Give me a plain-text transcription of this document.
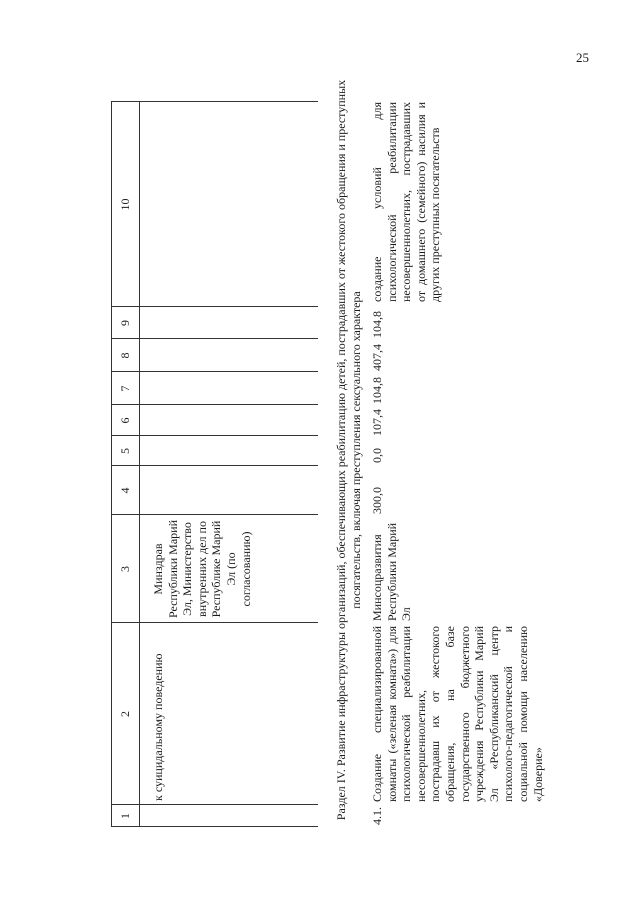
25
1
2
3
4
5
6
7
8
9
10
к суицидальному поведению
Минздрав Республики Марий Эл, Министерство внутренних дел по Республике Марий Эл (по согласованию)	Раздел IV. Развитие инфраструктуры организаций, обеспечивающих реабилитацию детей, пострадавших от жестокого обращения и преступных посягательств, включая преступления сексуального характера
4.1.
Создание специализированной комнаты («зеленая комната») для психологической реабилитации несовершеннолетних, пострадавш их от жестокого обращения, на базе государственного бюджетного учреждения Республики Марий Эл «Республиканский центр психолого-педагогической и социальной помощи населению «Доверие»
Минсоцразвития Республики Марий Эл
300,0
0,0
107,4
104,8
407,4
104,8
создание условий для психологической реабилитации несовершеннолетних, пострадавших от домашнего (семейного) насилия и других преступных посягательств
